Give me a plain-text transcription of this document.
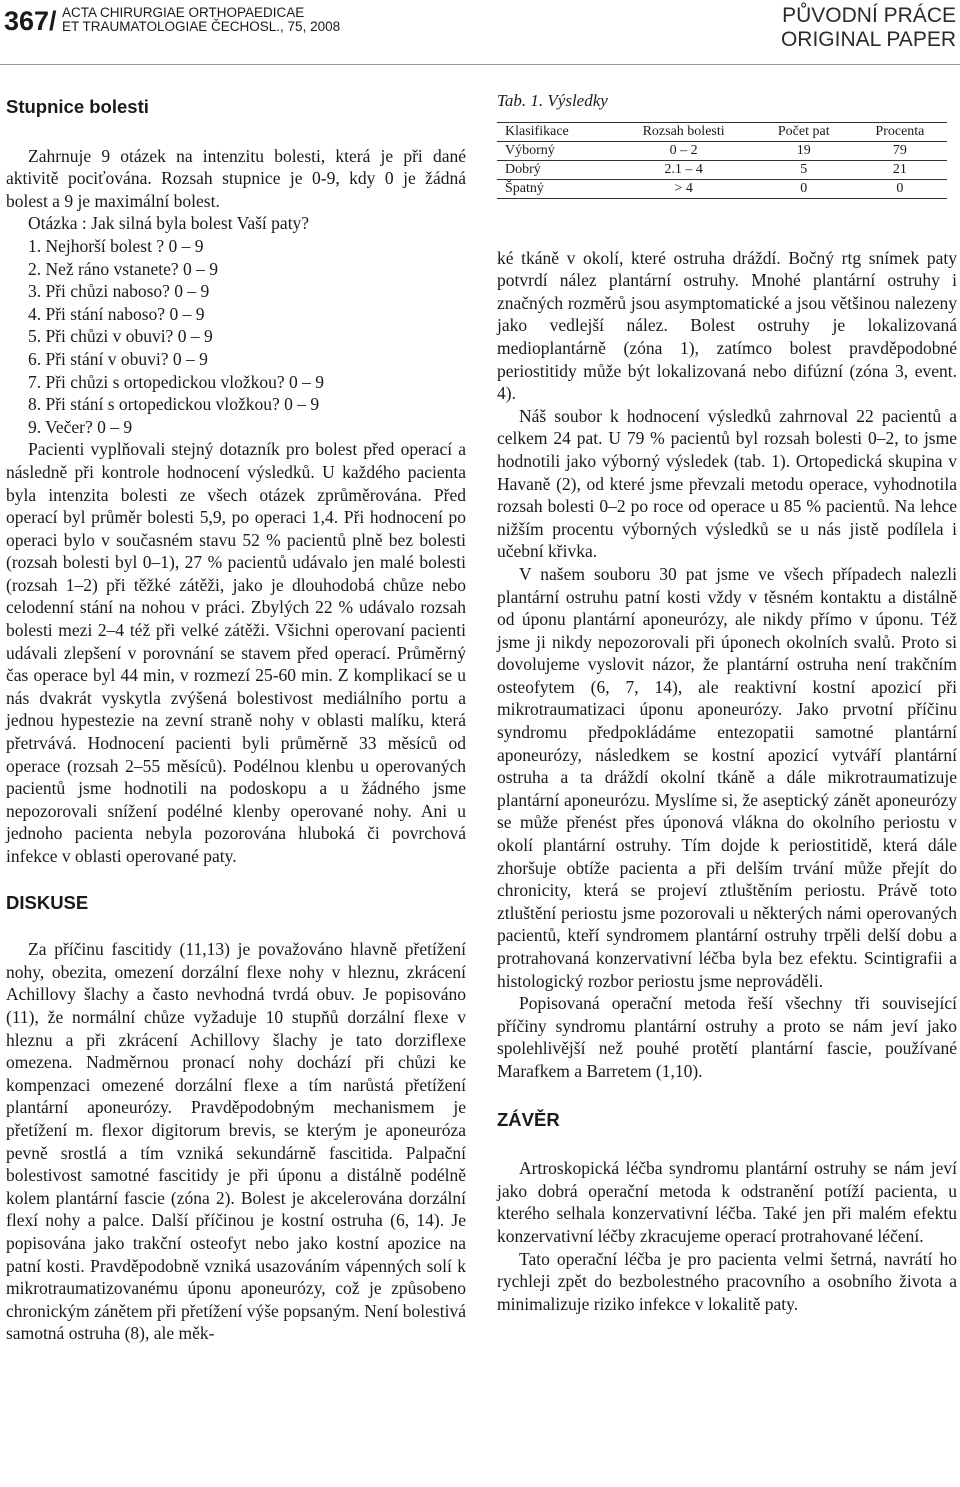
367/ ACTA CHIRURGIAE ORTHOPAEDICAE
ET TRAUMATOLOGIAE ČECHOSL., 75, 2008	PŮVODNÍ PRÁCE
ORIGINAL PAPER
Stupnice bolesti

Zahrnuje 9 otázek na intenzitu bolesti, která je při dané aktivitě pociťována. Rozsah stupnice je 0-9, kdy 0 je žádná bolest a 9 je maximální bolest.

Otázka : Jak silná byla bolest Vaší paty?
1. Nejhorší bolest ? 0 – 9
2. Než ráno vstanete? 0 – 9
3. Při chůzi naboso? 0 – 9
4. Při stání naboso? 0 – 9
5. Při chůzi v obuvi? 0 – 9
6. Při stání v obuvi? 0 – 9
7. Při chůzi s ortopedickou vložkou? 0 – 9
8. Při stání s ortopedickou vložkou? 0 – 9
9. Večer? 0 – 9

Pacienti vyplňovali stejný dotazník pro bolest před operací a následně při kontrole hodnocení výsledků. U každého pacienta byla intenzita bolesti ze všech otázek zprůměrována. Před operací byl průměr bolesti 5,9, po operaci 1,4. Při hodnocení po operaci bylo v současném stavu 52 % pacientů plně bez bolesti (rozsah bolesti byl 0–1), 27 % pacientů udávalo jen malé bolesti (rozsah 1–2) při těžké zátěži, jako je dlouhodobá chůze nebo celodenní stání na nohou v práci. Zbylých 22 % udávalo rozsah bolesti mezi 2–4 též při velké zátěži. Všichni operovaní pacienti udávali zlepšení v porovnání se stavem před operací. Průměrný čas operace byl 44 min, v rozmezí 25-60 min. Z komplikací se u nás dvakrát vyskytla zvýšená bolestivost mediálního portu a jednou hypestezie na zevní straně nohy v oblasti malíku, která přetrvává. Hodnocení pacienti byli průměrně 33 měsíců od operace (rozsah 2–55 měsíců). Podélnou klenbu u operovaných pacientů jsme hodnotili na podoskopu a u žádného jsme nepozorovali snížení podélné klenby operované nohy. Ani u jednoho pacienta nebyla pozorována hluboká či povrchová infekce v oblasti operované paty.

DISKUSE

Za příčinu fascitidy (11,13) je považováno hlavně přetížení nohy, obezita, omezení dorzální flexe nohy v hleznu, zkrácení Achillovy šlachy a často nevhodná tvrdá obuv. Je popisováno (11), že normální chůze vyžaduje 10 stupňů dorzální flexe v hleznu a při zkrácení Achillovy šlachy je tato dorziflexe omezena. Nadměrnou pronací nohy dochází při chůzi ke kompenzaci omezené dorzální flexe a tím narůstá přetížení plantární aponeurózy. Pravděpodobným mechanismem je přetížení m. flexor digitorum brevis, se kterým je aponeuróza pevně srostlá a tím vzniká sekundárně fascitida. Palpační bolestivost samotné fascitidy je při úponu a distálně podélně kolem plantární fascie (zóna 2). Bolest je akcelerována dorzální flexí nohy a palce. Další příčinou je kostní ostruha (6, 14). Je popisována jako trakční osteofyt nebo jako kostní apozice na patní kosti. Pravděpodobně vzniká usazováním vápenných solí k mikrotraumatizovanému úponu aponeurózy, což je způsobeno chronickým zánětem při přetížení výše popsaným. Není bolestivá samotná ostruha (8), ale měk-

Tab. 1. Výsledky
Klasifikace	Rozsah bolesti	Počet pat	Procenta
Výborný	0 – 2	19	79
Dobrý	2.1 – 4	5	21
Špatný	> 4	0	0

ké tkáně v okolí, které ostruha dráždí. Bočný rtg snímek paty potvrdí nález plantární ostruhy. Mnohé plantární ostruhy i značných rozměrů jsou asymptomatické a jsou většinou nalezeny jako vedlejší nález. Bolest ostruhy je lokalizovaná medioplantárně (zóna 1), zatímco bolest pravděpodobné periostitidy může být lokalizovaná nebo difúzní (zóna 3, event. 4).

Náš soubor k hodnocení výsledků zahrnoval 22 pacientů a celkem 24 pat. U 79 % pacientů byl rozsah bolesti 0–2, to jsme hodnotili jako výborný výsledek (tab. 1). Ortopedická skupina v Havaně (2), od které jsme převzali metodu operace, vyhodnotila rozsah bolesti 0–2 po roce od operace u 85 % pacientů. Na lehce nižším procentu výborných výsledků se u nás jistě podílela i učební křivka.

V našem souboru 30 pat jsme ve všech případech nalezli plantární ostruhu patní kosti vždy v těsném kontaktu a distálně od úponu plantární aponeurózy, ale nikdy přímo v úponu. Též jsme ji nikdy nepozorovali při úponech okolních svalů. Proto si dovolujeme vyslovit názor, že plantární ostruha není trakčním osteofytem (6, 7, 14), ale reaktivní kostní apozicí při mikrotraumatizaci úponu aponeurózy. Jako prvotní příčinu syndromu předpokládáme entezopatii samotné plantární aponeurózy, následkem se kostní apozicí vytváří plantární ostruha a ta dráždí okolní tkáně a dále mikrotraumatizuje plantární aponeurózu. Myslíme si, že aseptický zánět aponeurózy se může přenést přes úponová vlákna do okolního periostu v okolí plantární ostruhy. Tím dojde k periostitidě, která dále zhoršuje obtíže pacienta a při delším trvání může přejít do chronicity, která se projeví ztluštěním periostu. Právě toto ztluštění periostu jsme pozorovali u některých námi operovaných pacientů, kteří syndromem plantární ostruhy trpěli delší dobu a protrahovaná konzervativní léčba byla bez efektu. Scintigrafii a histologický rozbor periostu jsme neprováděli.

Popisovaná operační metoda řeší všechny tři související příčiny syndromu plantární ostruhy a proto se nám jeví jako spolehlivější než pouhé protětí plantární fascie, používané Marafkem a Barretem (1,10).

ZÁVĚR

Artroskopická léčba syndromu plantární ostruhy se nám jeví jako dobrá operační metoda k odstranění potíží pacienta, u kterého selhala konzervativní léčba. Také jen při malém efektu konzervativní léčby zkracujeme operací protrahované léčení.

Tato operační léčba je pro pacienta velmi šetrná, navrátí ho rychleji zpět do bezbolestného pracovního a osobního života a minimalizuje riziko infekce v lokalitě paty.
